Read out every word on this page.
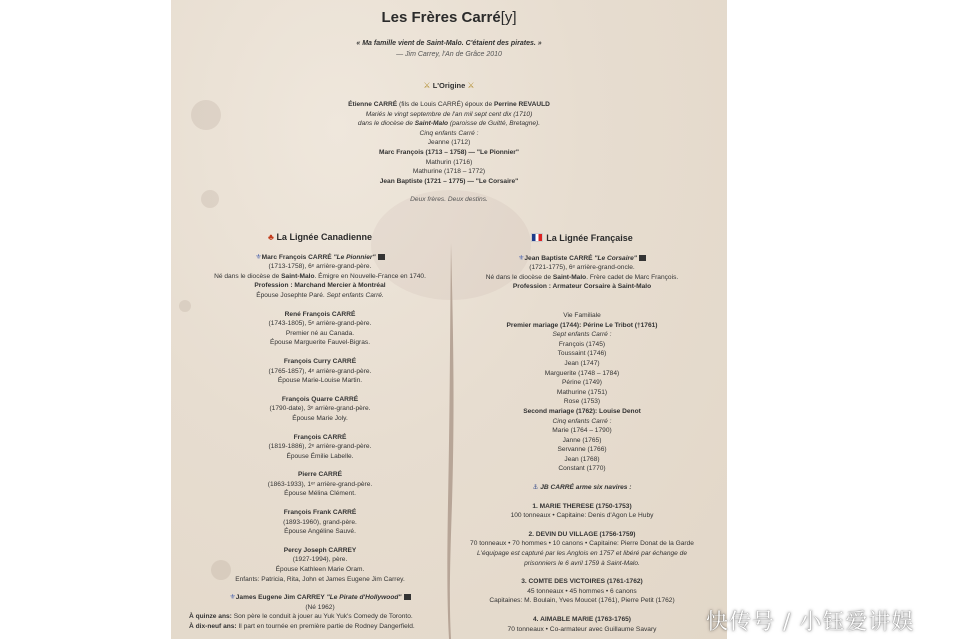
Les Frères Carré[y]
« Ma famille vient de Saint-Malo. C'étaient des pirates. »
— Jim Carrey, l'An de Grâce 2010
⚔ L'Origine ⚔
Étienne CARRÉ (fils de Louis CARRÉ) époux de Perrine REVAULD
Mariés le vingt septembre de l'an mil sept cent dix (1710)
dans le diocèse de Saint-Malo (paroisse de Guitté, Bretagne).
Cinq enfants Carré :
Jeanne (1712)
Marc François (1713 – 1758) — "Le Pionnier"
Mathurin (1716)
Mathurine (1718 – 1772)
Jean Baptiste (1721 – 1775) — "Le Corsaire"
Deux frères. Deux destins.
♣ La Lignée Canadienne
⚜Marc François CARRÉ "Le Pionnier"
(1713-1758), 6ᵉ arrière-grand-père.
Né dans le diocèse de Saint-Malo. Émigre en Nouvelle-France en 1740.
Profession : Marchand Mercier à Montréal
Épouse Josephte Paré. Sept enfants Carré.
René François CARRÉ
(1743-1805), 5ᵉ arrière-grand-père.
Premier né au Canada.
Épouse Marguerite Fauvel-Bigras.
François Curry CARRÉ
(1765-1857), 4ᵉ arrière-grand-père.
Épouse Marie-Louise Martin.
François Quarre CARRÉ
(1790-date), 3ᵉ arrière-grand-père.
Épouse Marie Joly.
François CARRÉ
(1819-1886), 2ᵉ arrière-grand-père.
Épouse Émilie Labelle.
Pierre CARRÉ
(1863-1933), 1ᵉʳ arrière-grand-père.
Épouse Mélina Clément.
François Frank CARRÉ
(1893-1960), grand-père.
Épouse Angéline Sauvé.
Percy Joseph CARREY
(1927-1994), père.
Épouse Kathleen Marie Oram.
Enfants: Patricia, Rita, John et James Eugene Jim Carrey.
⚜James Eugene Jim CARREY "Le Pirate d'Hollywood"
(Né 1962)
À quinze ans: Son père le conduit à jouer au Yuk Yuk's Comedy de Toronto.
À dix-neuf ans: Il part en tournée en première partie de Rodney Dangerfield.
La Lignée Française
⚜Jean Baptiste CARRÉ "Le Corsaire"
(1721-1775), 6ᵉ arrière-grand-oncle.
Né dans le diocèse de Saint-Malo. Frère cadet de Marc François.
Profession : Armateur Corsaire à Saint-Malo
Vie Familiale
Premier mariage (1744): Périne Le Tribot (†1761)
Sept enfants Carré :
François (1745)
Toussaint (1746)
Jean (1747)
Marguerite (1748 – 1784)
Périne (1749)
Mathurine (1751)
Rose (1753)
Second mariage (1762): Louise Denot
Cinq enfants Carré :
Marie (1764 – 1790)
Janne (1765)
Servanne (1766)
Jean (1768)
Constant (1770)
⚓ JB CARRÉ arme six navires :
1. MARIE THERESE (1750-1753)
100 tonneaux • Capitaine: Denis d'Agon Le Huby
2. DEVIN DU VILLAGE (1756-1759)
70 tonneaux • 70 hommes • 10 canons • Capitaine: Pierre Donat de la Garde
L'équipage est capturé par les Anglois en 1757 et libéré par échange de
prisonniers le 6 avril 1759 à Saint-Malo.
3. COMTE DES VICTOIRES (1761-1762)
45 tonneaux • 45 hommes • 6 canons
Capitaines: M. Boulain, Yves Moucet (1761), Pierre Petit (1762)
4. AIMABLE MARIE (1763-1765)
70 tonneaux • Co-armateur avec Guillaume Savary	快传号 / 小钰爱讲娱
